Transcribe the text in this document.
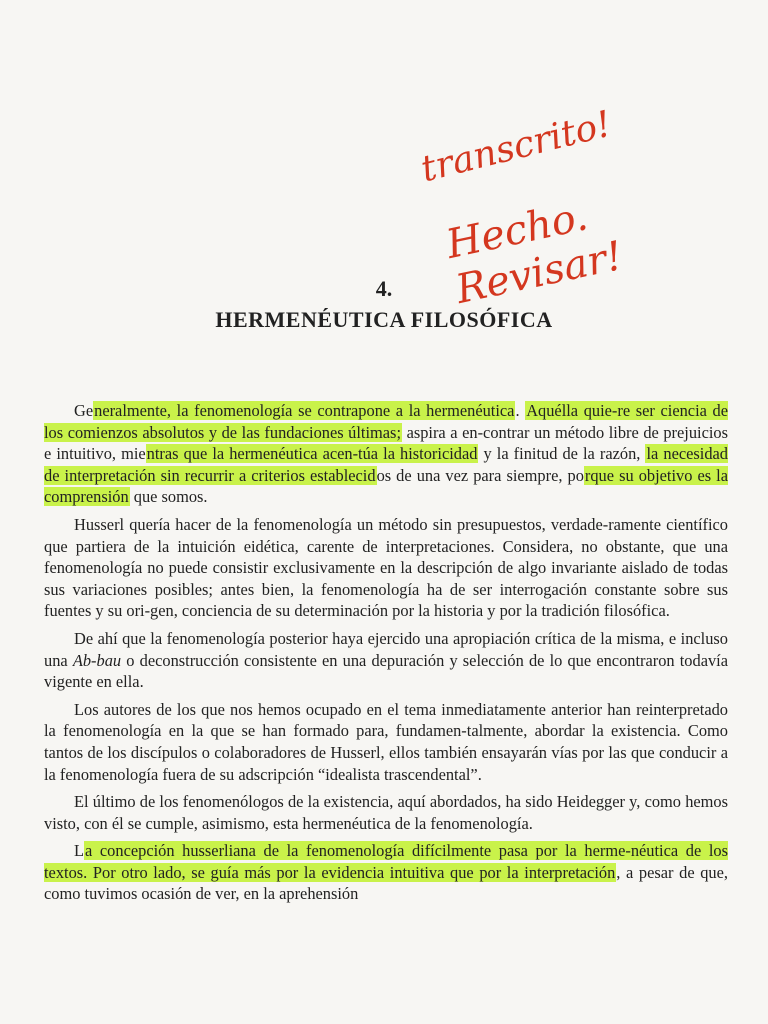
transcrito!
Hecho. Revisar!
4.
HERMENÉUTICA FILOSÓFICA

Generalmente, la fenomenología se contrapone a la hermenéutica. Aquélla quie-re ser ciencia de los comienzos absolutos y de las fundaciones últimas; aspira a en-contrar un método libre de prejuicios e intuitivo, mientras que la hermenéutica acen-túa la historicidad y la finitud de la razón, la necesidad de interpretación sin recurrir a criterios establecidos de una vez para siempre, porque su objetivo es la comprensión que somos.

Husserl quería hacer de la fenomenología un método sin presupuestos, verdade-ramente científico que partiera de la intuición eidética, carente de interpretaciones. Considera, no obstante, que una fenomenología no puede consistir exclusivamente en la descripción de algo invariante aislado de todas sus variaciones posibles; antes bien, la fenomenología ha de ser interrogación constante sobre sus fuentes y su ori-gen, conciencia de su determinación por la historia y por la tradición filosófica.

De ahí que la fenomenología posterior haya ejercido una apropiación crítica de la misma, e incluso una Ab-bau o deconstrucción consistente en una depuración y selección de lo que encontraron todavía vigente en ella.

Los autores de los que nos hemos ocupado en el tema inmediatamente anterior han reinterpretado la fenomenología en la que se han formado para, fundamen-talmente, abordar la existencia. Como tantos de los discípulos o colaboradores de Husserl, ellos también ensayarán vías por las que conducir a la fenomenología fuera de su adscripción “idealista trascendental”.

El último de los fenomenólogos de la existencia, aquí abordados, ha sido Heidegger y, como hemos visto, con él se cumple, asimismo, esta hermenéutica de la fenomenología.

La concepción husserliana de la fenomenología difícilmente pasa por la herme-néutica de los textos. Por otro lado, se guía más por la evidencia intuitiva que por la interpretación, a pesar de que, como tuvimos ocasión de ver, en la aprehensión
